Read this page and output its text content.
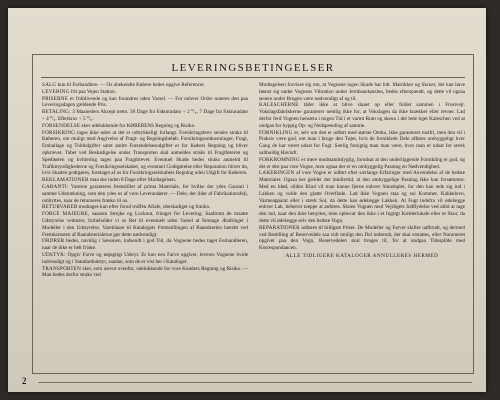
LEVERINGSBETINGELSER

SALG kun til Forhandlere. — Os ubekendte Købere bedes opgive Referencer.

LEVERING frit paa Vejen Station.

PRISERNE er fritblivende og kan forandres uden Varsel. — For enhver Ordre noteres den paa Leveringsdagen gældende Pris.

BETALING: 3 Maaneders Akcept netto. 30 Dage fra Fakturadato ÷ 2 ⁰/₀. 7 Dage fra Fakturadato ÷ 4 ⁰/₀. Efterkrav ÷ 5 ⁰/₀.

FORSENDELSE sker udelukkende for KØBERENS Regning og Risiko.

FORSIKRING tages ikke uden at det er udtrykkeligt forlangt. Forsikringsbrev sendes straks til Køberen, om muligt med Angivelse af Fragt- og Regningsbeløb. Forsikringsomkostninger, Fragt, Emballage og Toldudgifter samt andre Forsendelsesudgifter er for Købers Regning og bliver opkrævet. Tabet ved Beskadigelse under Transporten skal anmeldes straks til Fragtføreren og Speditøren og kvittering tages paa Fragtbrevet. Eventuel Skade bedes straks anmeldt til Trafikmyndighederne og Forsikringsselskabet, og eventuel Godtgørelse eller Reparation bliver da, hvis Skaden godtgøres, foretaget af os for Forsikringsselskabets Regning uden Udgift for Køberen.

REKLAMATIONER maa ske inden 8 Dage efter Modtagelsen.

GARANTI: Varerne garanteres fremstillet af prima Materiale, for hvilke der ydes Garanti i samme Udstrækning, som den ydes os af vore Leverandører. — Dele, der lider af Fabrikationsfejl, ombyttes, naar de returneres franko til os.

RETURVARER modtages kun efter forud truffen Aftale, ubeskadiget og franko.

FORCE MAJEURE, saasom Strejke og Lockout, fritager for Levering. Saafremt de maatte Udstyrelse vedrører, forbeholder vi os Ret til eventuelt uden Varsel at foretage Ændringer i Modeller i den Udstyrelse, Vareklasse til Katalogets Fremstillingen af Baandserien hærdet ved Fremkomsten af Baandsterialerne gør dette nødvendigt.

ORDRER bedes, navnlig i Sæsonen, indsendt i god Tid, da Vognene bedes taget Forhandleren, naar de ikke er helt friske.

UDSTYR: Opgiv Farve og nøjagtigt Udstyr. Er kun een Farve opgivet, leveres Vognene hvide indvendigt og i Standardudstyr, saadan, som de er vist her i Kataloget.

TRANSPORTEN sker, som nævnt ovenfor, udelukkende for vore Kunders Regning og Risiko. — Man bedes derfor straks ved

Modtagelsen forvisse sig om, at Vognene ingen Skade har lidt. Matrikker og Skruer, der kan have løsnet sig under Vognens Vibration under Jernbanekørslen, bedes efterspændt, og dette vil ogsaa senere under Brugen være nødvendigt af og til.

KALESCHERNE tåder ikke at blive slaaet op eller foldet sammen i Frostvejr. Vokslagsfabrikkerne garanterer nemlig ikke for, at Vokslagen da ikke knækker eller revner. Lad derfor ferd Vognen hensæta i nogen Tid i et varmt Rum og skeun i det lede tiget Kaleschen ved at undgaa for hyppig Op- og Nedspænding af samme.

FORNIKLING er, selv om den er udført med største Omhu, ikke garanteret rustfri, men den vil i Praksis være god, om man i bruge den Tøjer, hvis de forniklede Dele afføres omhyggeligt hver Gang de har været udsat for Fugt. Særlig forsigtig man man være, hvor man er udsat for stærk saltholdig Havluft.

FORKROMNING er mere modstandsdygtig, forudsat at den underliggende Fornikling er god, og det er den paa vore Vogne, men ogsaa der er en omhyggelig Pasning en Nødvendighed.

LAKERINGEN af vore Vogne er udført efter særlange Erfaringer med Anvendelse af de bedste Materialer. Ogsaa her gælder det imidlertid, at den omhyggelige Pasning ikke kan forsømmes. Med en blød, silden Klud vil man kunne fjerne enhver Smudsplet, for den kan æde sig ind i Lakken og volde den glatte Overflade. Lad ikke Vognen staa og sol Kommer, Kakkelovn, Varmeapparat eller i stærk Sol, da dette kan ødelægge Lakken. At Fugt indefra vil ødelægge enhver Lak, behøver næppe at anføres. Skuen Vognen med Vejrligets Indflydelse ved altid at tage den ind, naar den ikke benyttes, men opbevar den ikke i et fugtigt Kælderlokale eller et Skur, da dette vil ødelægge selv den bedste Vogn.

REPARATIONER udføres til billigste Priser. De Modeller og Farver skifter uafbrudt, og dermed ved Bestilling af Reservedele saa vidt muligt den Del indsendt, der skal erstattes, eller Nummeret opgivet paa den Vogn, Reservedelen skal bruges til, for at undgaa Tidsspilde med Korrespondancen.

ALLE TIDLIGERE KATALOGER ANNULLERES HERMED

2
